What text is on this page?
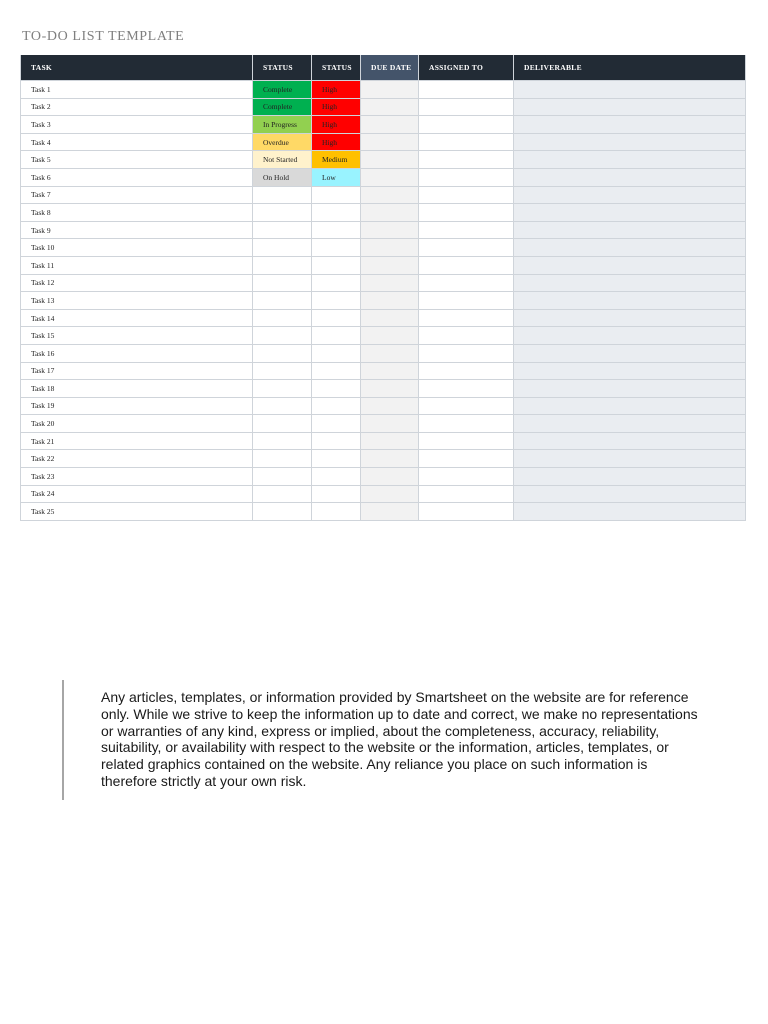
TO-DO LIST TEMPLATE
TASK	STATUS	STATUS	DUE DATE	ASSIGNED TO	DELIVERABLE
Task 1	Complete	High			
Task 2	Complete	High			
Task 3	In Progress	High			
Task 4	Overdue	High			
Task 5	Not Started	Medium			
Task 6	On Hold	Low			
Task 7					
Task 8					
Task 9					
Task 10					
Task 11					
Task 12					
Task 13					
Task 14					
Task 15					
Task 16					
Task 17					
Task 18					
Task 19					
Task 20					
Task 21					
Task 22					
Task 23					
Task 24					
Task 25					

Any articles, templates, or information provided by Smartsheet on the website are for reference only. While we strive to keep the information up to date and correct, we make no representations or warranties of any kind, express or implied, about the completeness, accuracy, reliability, suitability, or availability with respect to the website or the information, articles, templates, or related graphics contained on the website. Any reliance you place on such information is therefore strictly at your own risk.
